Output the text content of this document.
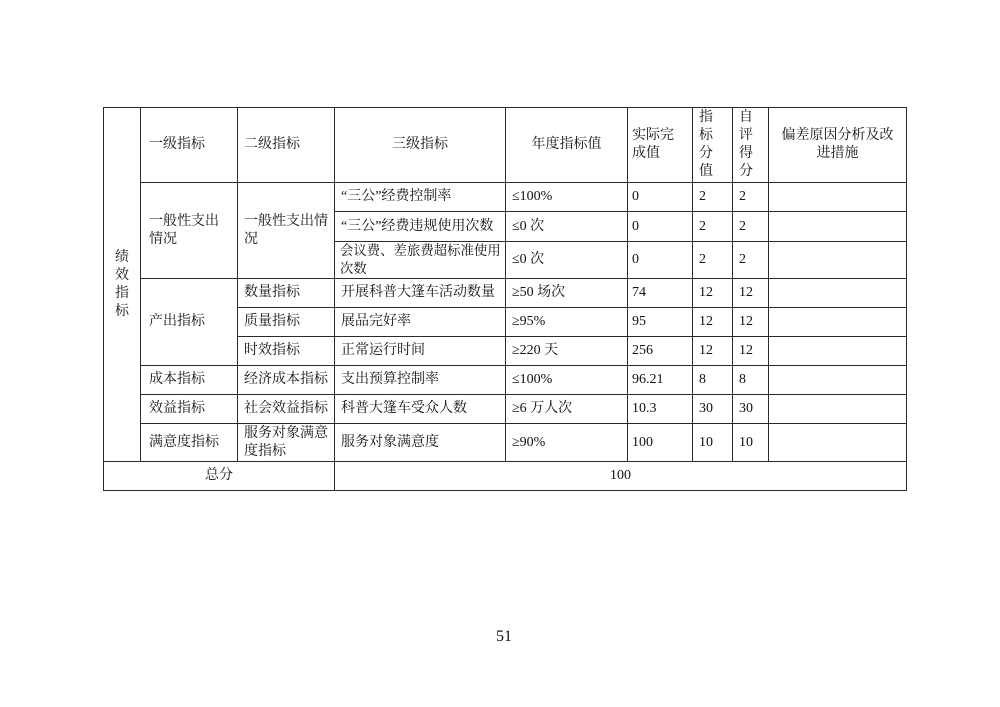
绩效指标	一级指标	二级指标	三级指标	年度指标值	实际完成值	指标分值	自评得分	偏差原因分析及改进措施
	一般性支出情况	一般性支出情况	“三公”经费控制率	≤100%	0	2	2	
			“三公”经费违规使用次数	≤0 次	0	2	2	
			会议费、差旅费超标准使用次数	≤0 次	0	2	2	
	产出指标	数量指标	开展科普大篷车活动数量	≥50 场次	74	12	12	
		质量指标	展品完好率	≥95%	95	12	12	
		时效指标	正常运行时间	≥220 天	256	12	12	
	成本指标	经济成本指标	支出预算控制率	≤100%	96.21	8	8	
	效益指标	社会效益指标	科普大篷车受众人数	≥6 万人次	10.3	30	30	
	满意度指标	服务对象满意度指标	服务对象满意度	≥90%	100	10	10	
总分			100					
51
